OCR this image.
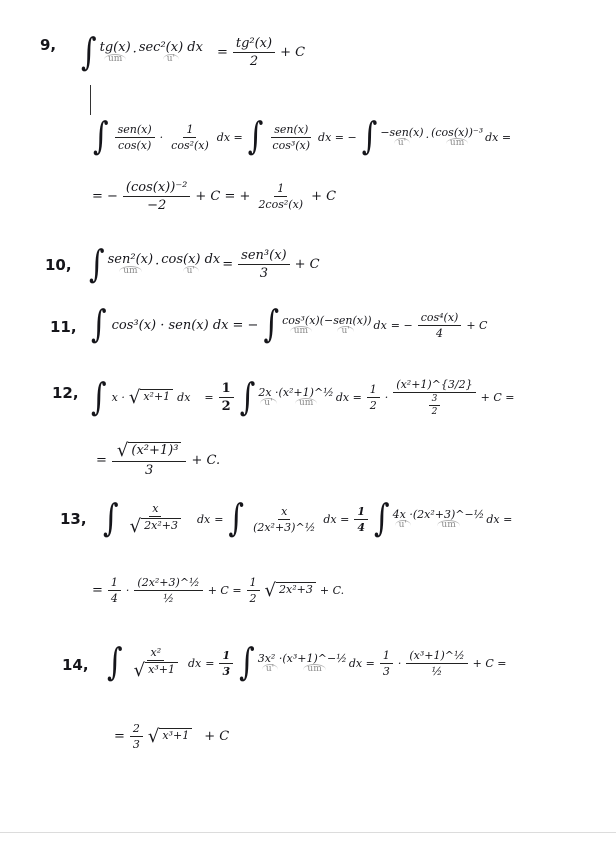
9, ∫ tg(x)
um · sec²(x) dx
u'	= $\frac{\text{tg²(x)}}{2} + C$
∫ $\frac{\text{sen(x)}}{\cos(x)} \cdot \frac{1}{\text{cos²(x)}}$ dx = ∫ $\frac{\text{sen(x)}}{\text{cos³(x)}}$ dx = − ∫ −sen(x)
u'	· (cos(x))⁻³
um	dx =
= − $\frac{\text{(cos(x))⁻²}}{-2} + C$ = + $\frac{1}{\text{2cos²(x)}} + C$
10, ∫ sen²(x)
um	· cos(x) dx
u'	= $\frac{\text{sen³(x)}}{3} + C$
11, ∫ cos³(x) · sen(x) dx = − ∫ cos³(x)
um
(−sen(x))
u'	dx = − $\frac{\text{cos⁴(x)}}{4} + C$
12, ∫ x · √ x²+1 dx = $\frac{1}{2}$ ∫ 2x ·
u'
(x²+1)^½
um	dx = $\frac{1}{2} \cdot \frac{\text{(x²+1)\textasciicircum{}\{3/2\}}}{\frac{3}{2}} + C$ =
= $\frac{\text{√ (x²+1)³}}{3} + C$.
13, ∫ $\frac{x}{\text{√ 2x²+3}}$ dx = ∫ $\frac{x}{\text{(2x²+3)\textasciicircum{}½}}$ dx = $\frac{1}{4}$ ∫ 4x ·
u'
(2x²+3)^−½
um	dx =
= $\frac{1}{4} \cdot \frac{\text{(2x²+3)\textasciicircum{}½}}{\text{½}} + C = \frac{1}{2}$ √ 2x²+3 + C.
14, ∫ $\frac{\text{x²}}{\text{√ x³+1}}$ dx = $\frac{1}{3}$ ∫ 3x² ·
u'
(x³+1)^−½
um	dx = $\frac{1}{3} \cdot \frac{\text{(x³+1)\textasciicircum{}½}}{\text{½}} + C$ =
= $\frac{2}{3}$ √ x³+1 + C
